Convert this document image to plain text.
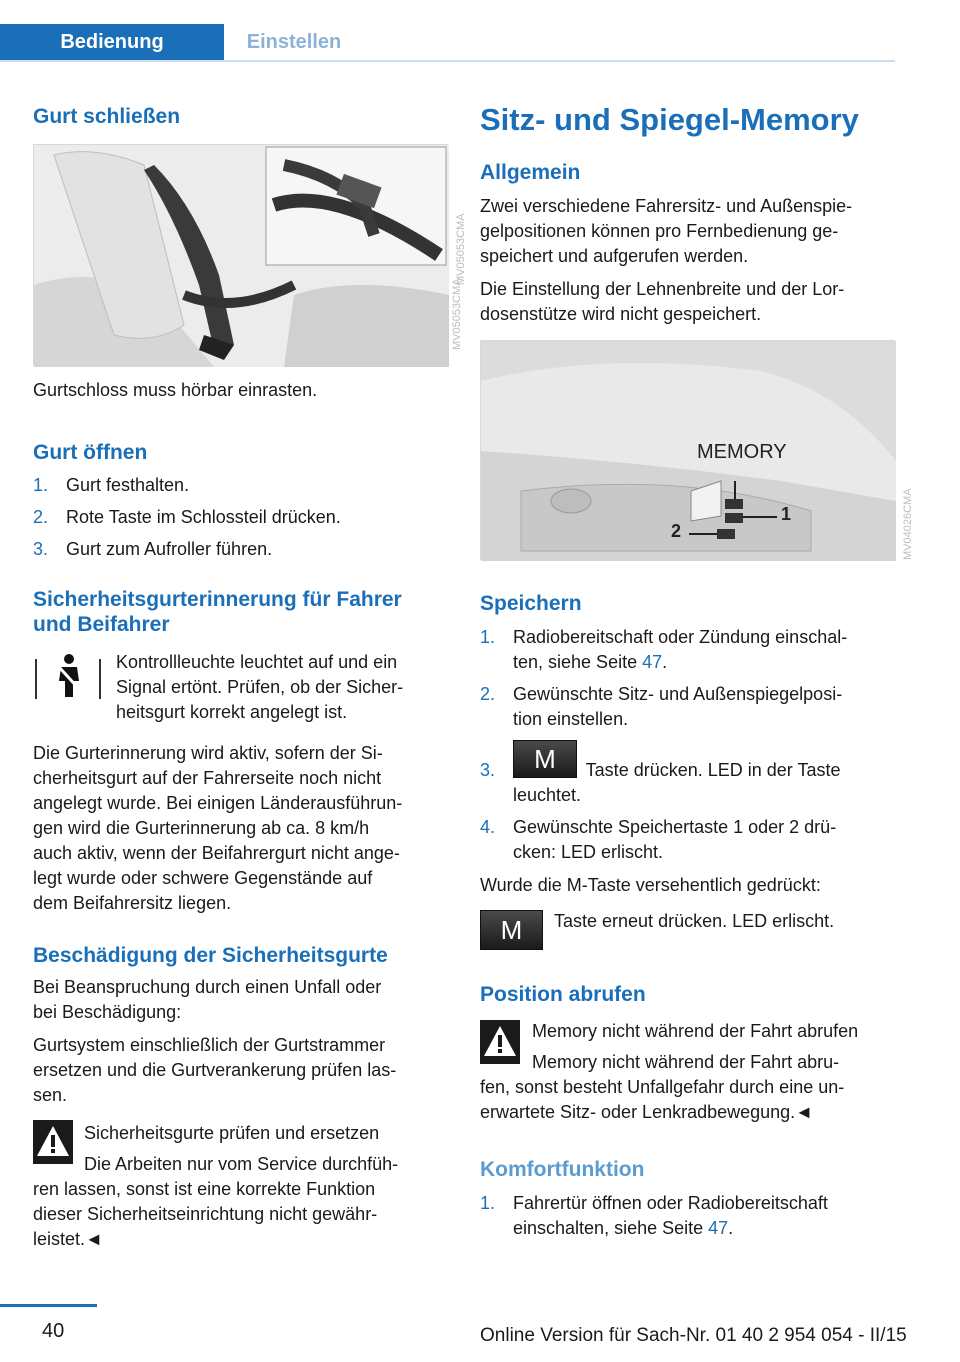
Bedienung	Einstellen
Gurt schließen
MV05053CMA
MV05053CMA
Gurtschloss muss hörbar einrasten.
Gurt öffnen
1. Gurt festhalten.
2. Rote Taste im Schlossteil drücken.
3. Gurt zum Aufroller führen.
Sicherheitsgurterinnerung für Fahrer
und Beifahrer
Kontrollleuchte leuchtet auf und ein
Signal ertönt. Prüfen, ob der Sicher-
heitsgurt korrekt angelegt ist.
Die Gurterinnerung wird aktiv, sofern der Si-
cherheitsgurt auf der Fahrerseite noch nicht
angelegt wurde. Bei einigen Länderausführun-
gen wird die Gurterinnerung ab ca. 8 km/h
auch aktiv, wenn der Beifahrergurt nicht ange-
legt wurde oder schwere Gegenstände auf
dem Beifahrersitz liegen.
Beschädigung der Sicherheitsgurte
Bei Beanspruchung durch einen Unfall oder
bei Beschädigung:
Gurtsystem einschließlich der Gurtstrammer
ersetzen und die Gurtverankerung prüfen las-
sen.
Sicherheitsgurte prüfen und ersetzen
Die Arbeiten nur vom Service durchfüh-
ren lassen, sonst ist eine korrekte Funktion
dieser Sicherheitseinrichtung nicht gewähr-
leistet.◄
Sitz- und Spiegel-Memory
Allgemein
Zwei verschiedene Fahrersitz- und Außenspie-
gelpositionen können pro Fernbedienung ge-
speichert und aufgerufen werden.
Die Einstellung der Lehnenbreite und der Lor-
dosenstütze wird nicht gespeichert.
MEMORY
1
2	MV04026CMA
Speichern
1. Radiobereitschaft oder Zündung einschal-
ten, siehe Seite 47.
2. Gewünschte Sitz- und Außenspiegelposi-
tion einstellen.
3.	M	Taste drücken. LED in der Taste
leuchtet.
4. Gewünschte Speichertaste 1 oder 2 drü-
cken: LED erlischt.
Wurde die M-Taste versehentlich gedrückt:
M	Taste erneut drücken. LED erlischt.
Position abrufen
Memory nicht während der Fahrt abrufen
Memory nicht während der Fahrt abru-
fen, sonst besteht Unfallgefahr durch eine un-
erwartete Sitz- oder Lenkradbewegung.◄
Komfortfunktion
1. Fahrertür öffnen oder Radiobereitschaft
einschalten, siehe Seite 47.
40	Online Version für Sach-Nr. 01 40 2 954 054 - II/15
